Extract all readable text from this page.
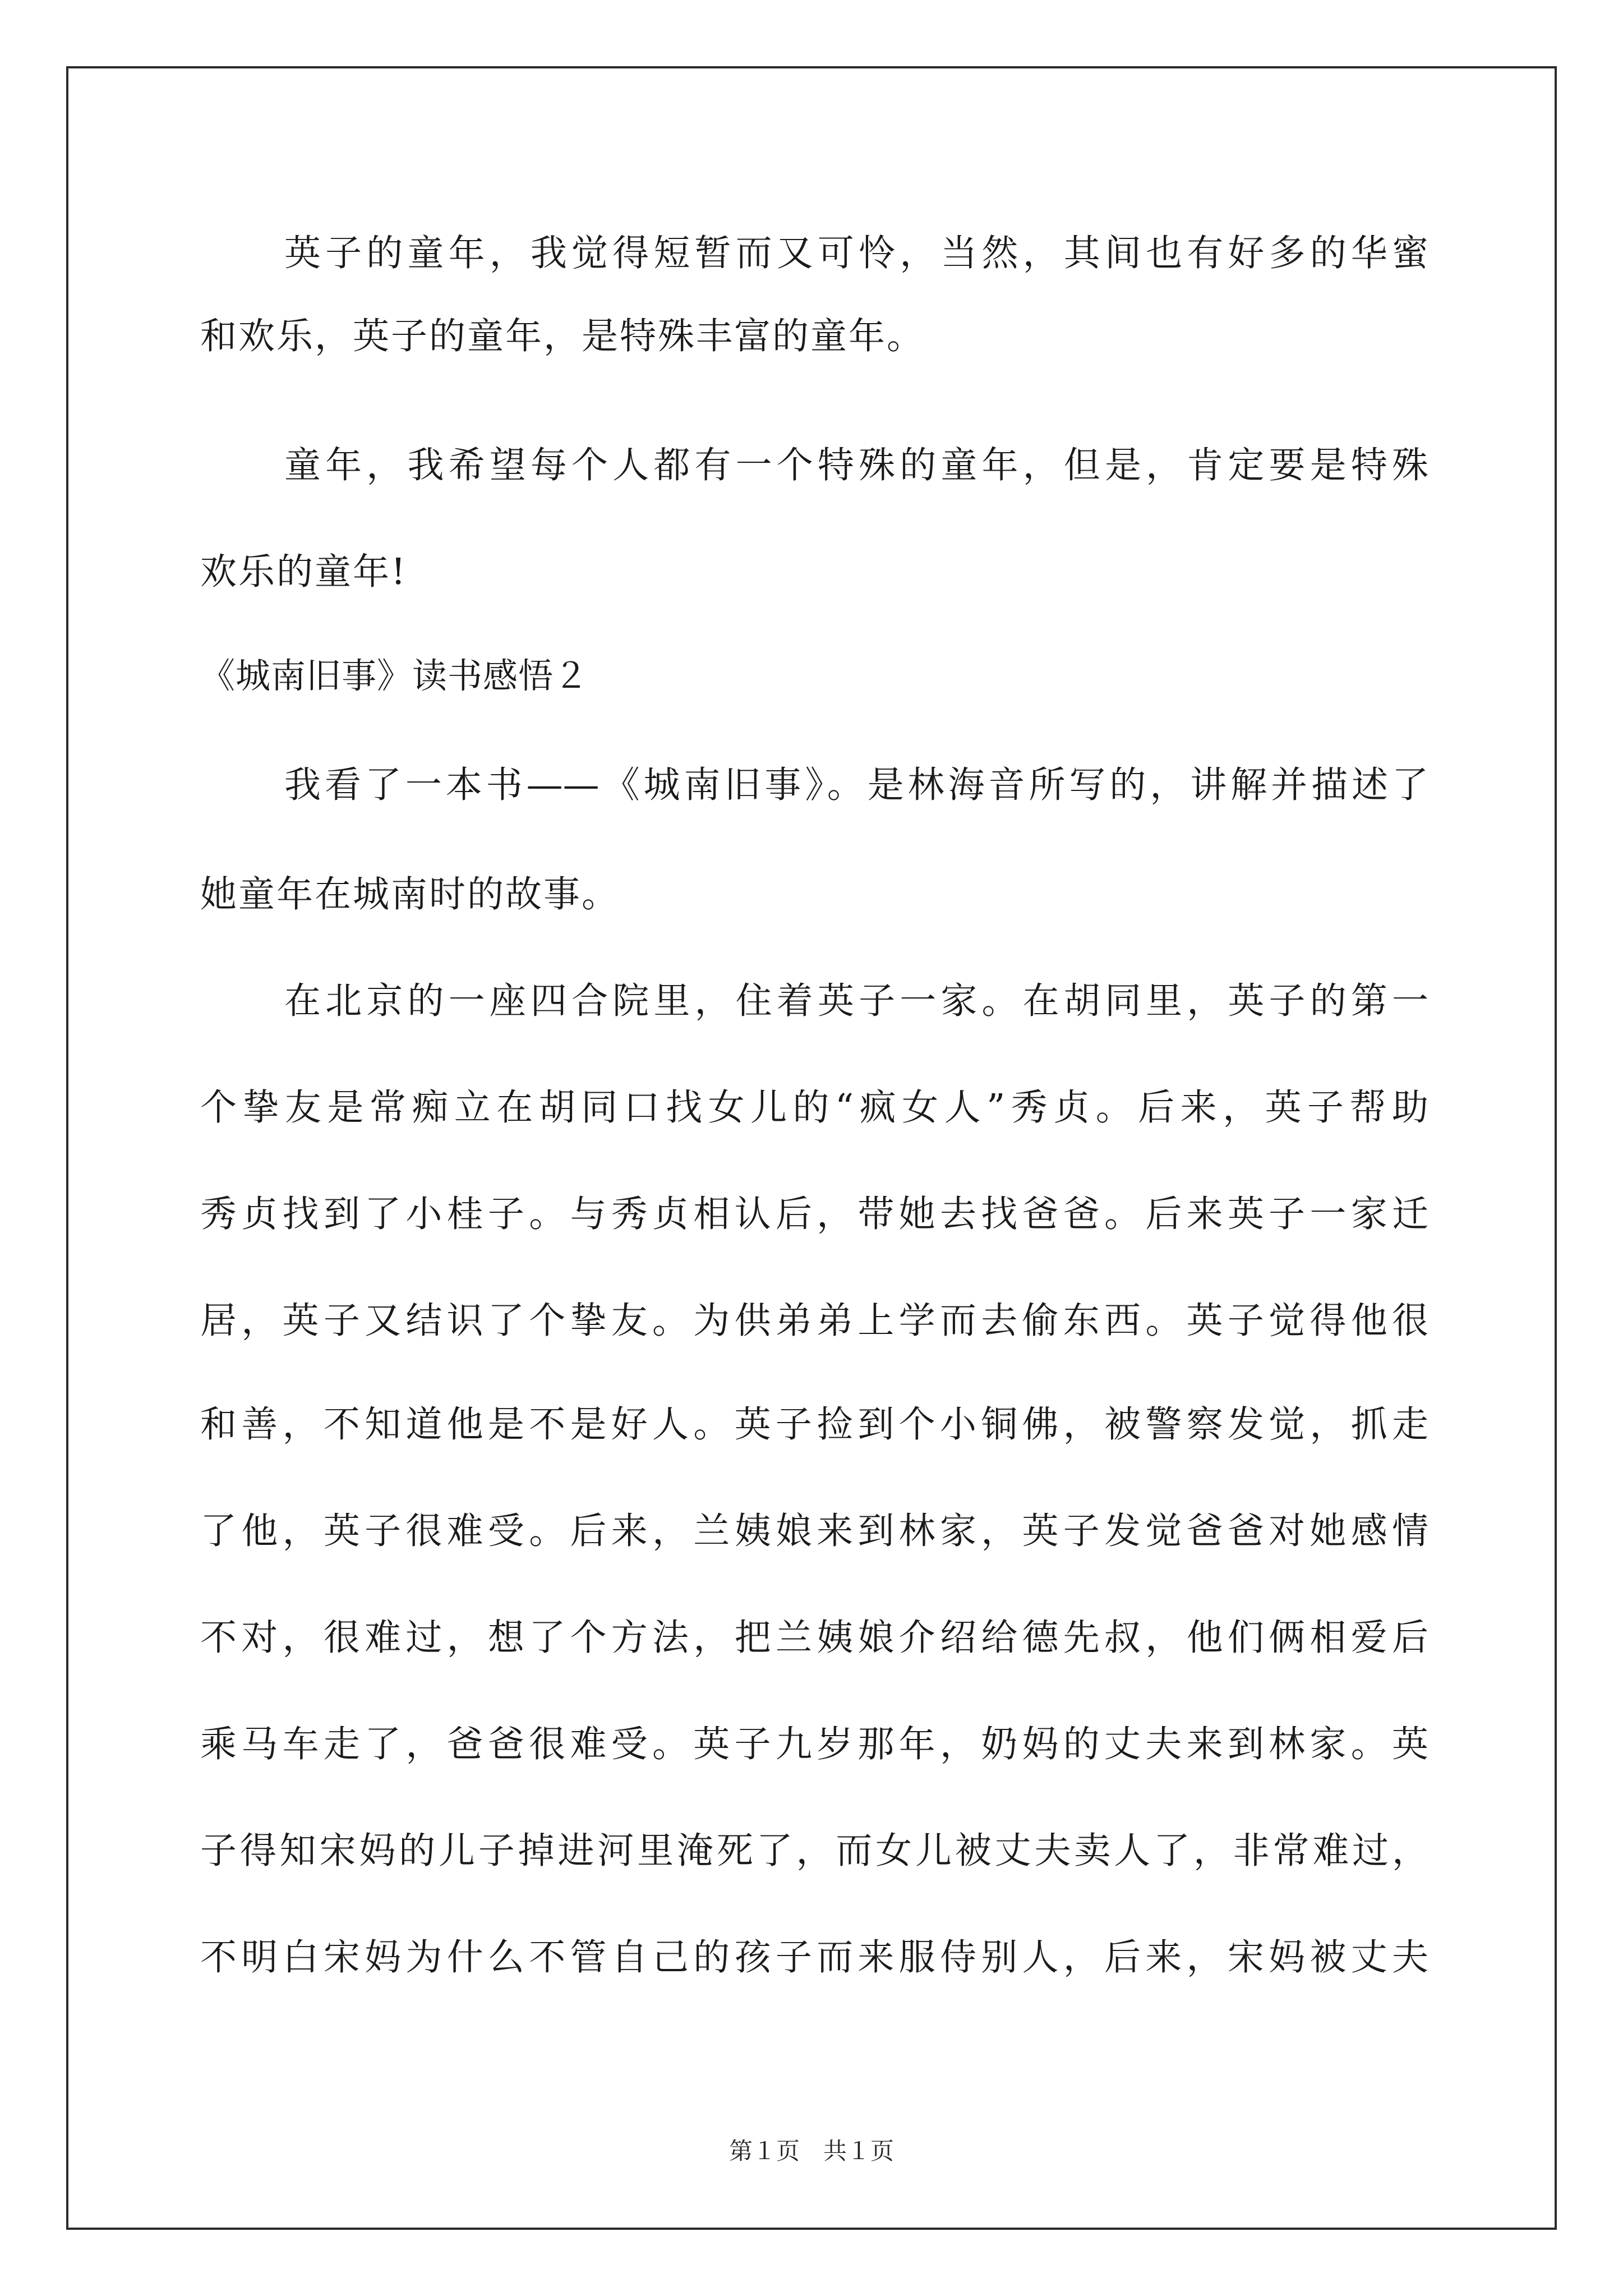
英子的童年，我觉得短暂而又可怜，当然，其间也有好多的华蜜
和欢乐，英子的童年，是特殊丰富的童年。
童年，我希望每个人都有一个特殊的童年，但是，肯定要是特殊
欢乐的童年!
《城南旧事》读书感悟２
我看了一本书——《城南旧事》。是林海音所写的，讲解并描述了
她童年在城南时的故事。
在北京的一座四合院里，住着英子一家。在胡同里，英子的第一
个挚友是常痴立在胡同口找女儿的“疯女人”秀贞。后来，英子帮助
秀贞找到了小桂子。与秀贞相认后，带她去找爸爸。后来英子一家迁
居，英子又结识了个挚友。为供弟弟上学而去偷东西。英子觉得他很
和善，不知道他是不是好人。英子捡到个小铜佛，被警察发觉，抓走
了他，英子很难受。后来，兰姨娘来到林家，英子发觉爸爸对她感情
不对，很难过，想了个方法，把兰姨娘介绍给德先叔，他们俩相爱后
乘马车走了，爸爸很难受。英子九岁那年，奶妈的丈夫来到林家。英
子得知宋妈的儿子掉进河里淹死了，而女儿被丈夫卖人了，非常难过，
不明白宋妈为什么不管自己的孩子而来服侍别人，后来，宋妈被丈夫
第１页　共１页
